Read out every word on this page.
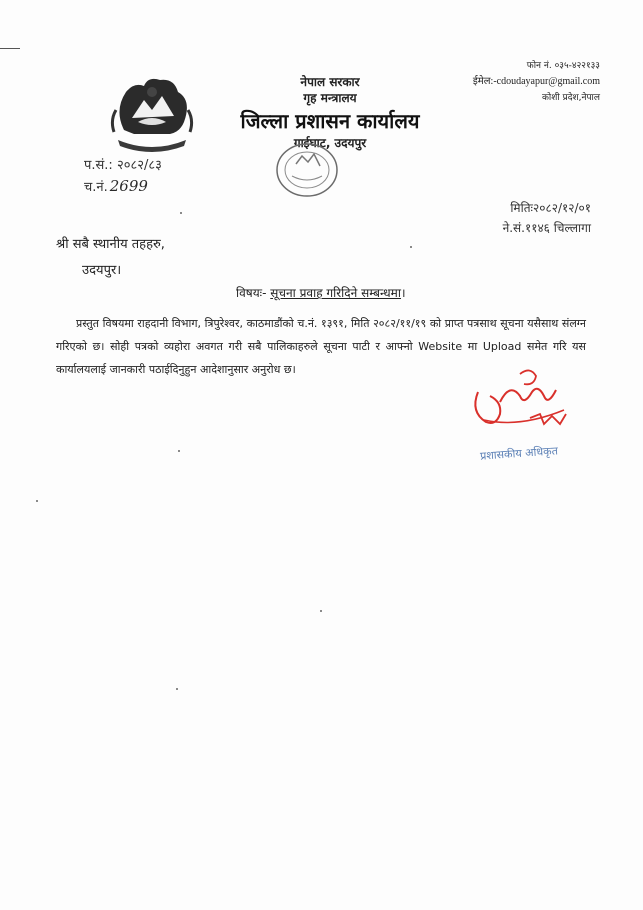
नेपाल सरकार
गृह मन्त्रालय
जिल्ला प्रशासन कार्यालय
गाईघाट, उदयपुर
फोन नं. ०३५-४२२१३३
ईमेल:-cdoudayapur@gmail.com
कोशी प्रदेश,नेपाल
प.सं.: २०८२/८३
च.नं. 2699
मितिः२०८२/१२/०१
ने.सं.११४६ चिल्लागा
श्री सबै स्थानीय तहहरु,
उदयपुर।
विषयः- सूचना प्रवाह गरिदिने सम्बन्धमा।
प्रस्तुत विषयमा राहदानी विभाग, त्रिपुरेश्वर, काठमाडौंको च.नं. १३९१, मिति २०८२/११/१९ को प्राप्त पत्रसाथ सूचना यसैसाथ संलग्न गरिएको छ। सोही पत्रको व्यहोरा अवगत गरी सबै पालिकाहरुले सूचना पाटी र आफ्नो Website मा Upload समेत गरि यस कार्यालयलाई जानकारी पठाईदिनुहुन आदेशानुसार अनुरोध छ।
प्रशासकीय अधिकृत
